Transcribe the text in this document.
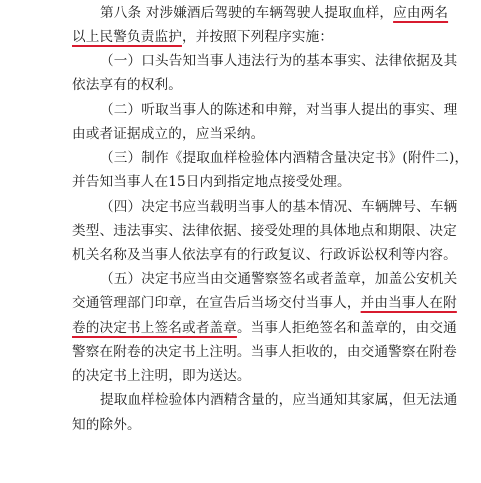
第八条 对涉嫌酒后驾驶的车辆驾驶人提取血样，应由两名
以上民警负责监护，并按照下列程序实施：
（一）口头告知当事人违法行为的基本事实、法律依据及其
依法享有的权利。
（二）听取当事人的陈述和申辩，对当事人提出的事实、理
由或者证据成立的，应当采纳。
（三）制作《提取血样检验体内酒精含量决定书》(附件二)，
并告知当事人在15日内到指定地点接受处理。
（四）决定书应当载明当事人的基本情况、车辆牌号、车辆
类型、违法事实、法律依据、接受处理的具体地点和期限、决定
机关名称及当事人依法享有的行政复议、行政诉讼权利等内容。
（五）决定书应当由交通警察签名或者盖章，加盖公安机关
交通管理部门印章，在宣告后当场交付当事人，并由当事人在附
卷的决定书上签名或者盖章。当事人拒绝签名和盖章的，由交通
警察在附卷的决定书上注明。当事人拒收的，由交通警察在附卷
的决定书上注明，即为送达。
提取血样检验体内酒精含量的，应当通知其家属，但无法通
知的除外。
